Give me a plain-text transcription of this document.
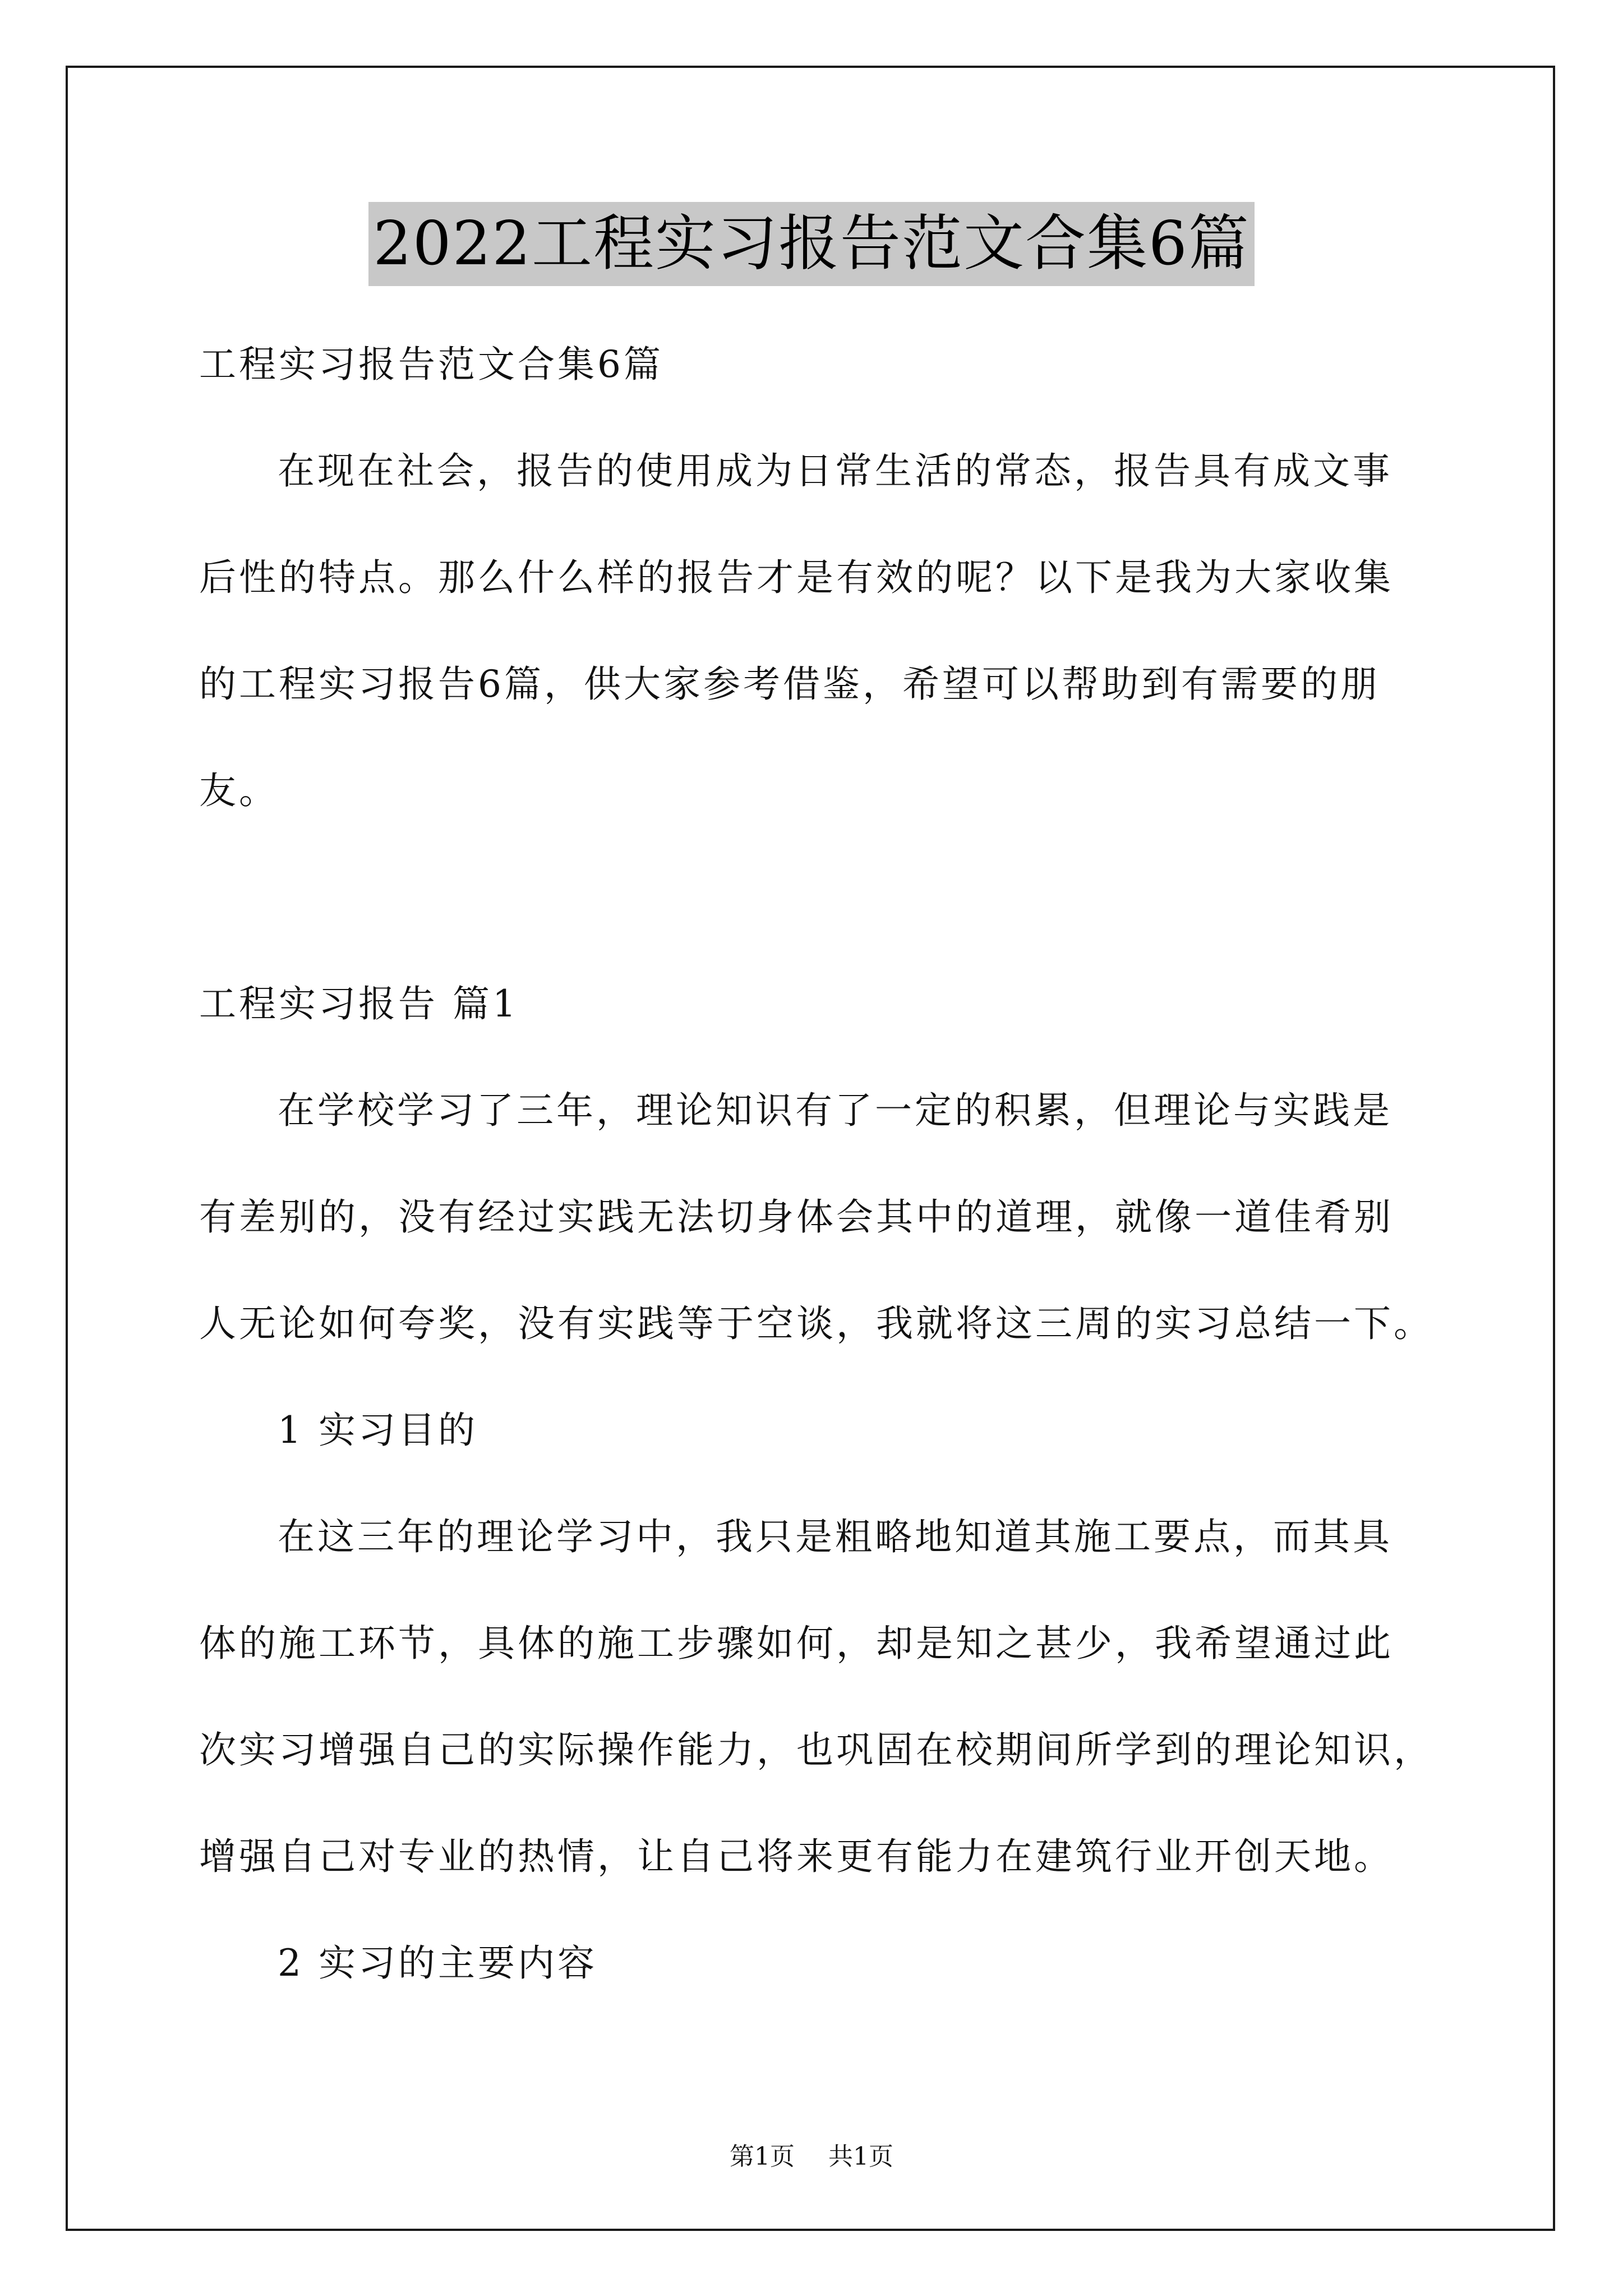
2022工程实习报告范文合集6篇
工程实习报告范文合集6篇
在现在社会，报告的使用成为日常生活的常态，报告具有成文事
后性的特点。那么什么样的报告才是有效的呢？以下是我为大家收集
的工程实习报告6篇，供大家参考借鉴，希望可以帮助到有需要的朋
友。
工程实习报告 篇1
在学校学习了三年，理论知识有了一定的积累，但理论与实践是
有差别的，没有经过实践无法切身体会其中的道理，就像一道佳肴别
人无论如何夸奖，没有实践等于空谈，我就将这三周的实习总结一下。
1 实习目的
在这三年的理论学习中，我只是粗略地知道其施工要点，而其具
体的施工环节，具体的施工步骤如何，却是知之甚少，我希望通过此
次实习增强自己的实际操作能力，也巩固在校期间所学到的理论知识，
增强自己对专业的热情，让自己将来更有能力在建筑行业开创天地。
2 实习的主要内容
第1页 共1页
